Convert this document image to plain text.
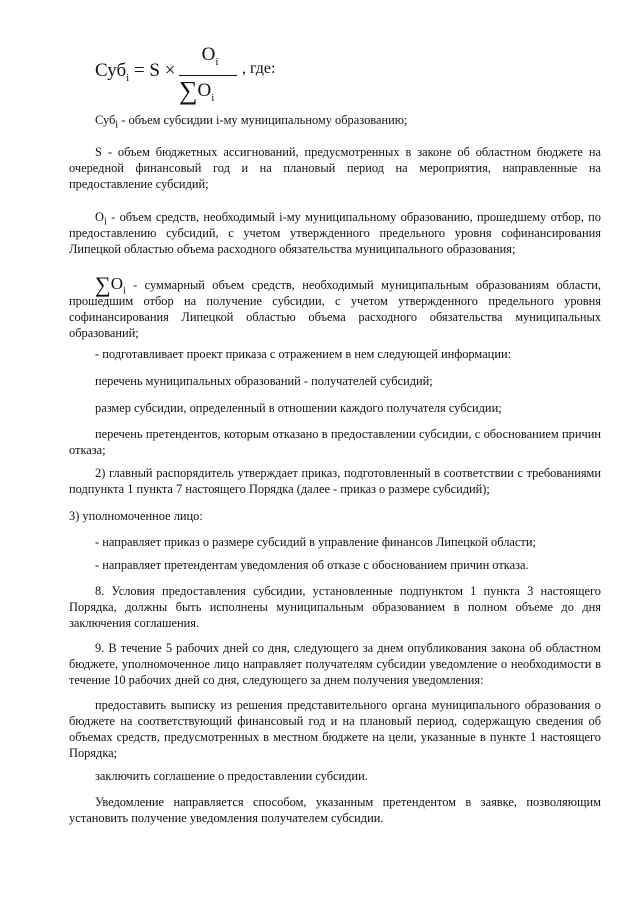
Суб$_i$ = S ×
$O_i$
$\sum O_i$
, где:

Суб$_i$ - объем субсидии i-му муниципальному образованию;

S - объем бюджетных ассигнований, предусмотренных в законе об областном бюджете на очередной финансовый год и на плановый период на мероприятия, направленные на предоставление субсидий;

$O_i$ - объем средств, необходимый i-му муниципальному образованию, прошедшему отбор, по предоставлению субсидий, с учетом утвержденного предельного уровня софинансирования Липецкой областью объема расходного обязательства муниципального образования;

$\sum O_i$ - суммарный объем средств, необходимый муниципальным образованиям области, прошедшим отбор на получение субсидии, с учетом утвержденного предельного уровня софинансирования Липецкой областью объема расходного обязательства муниципальных образований;

- подготавливает проект приказа с отражением в нем следующей информации:

перечень муниципальных образований - получателей субсидий;

размер субсидии, определенный в отношении каждого получателя субсидии;

перечень претендентов, которым отказано в предоставлении субсидии, с обоснованием причин отказа;

2) главный распорядитель утверждает приказ, подготовленный в соответствии с требованиями подпункта 1 пункта 7 настоящего Порядка (далее - приказ о размере субсидий);

3) уполномоченное лицо:

- направляет приказ о размере субсидий в управление финансов Липецкой области;

- направляет претендентам уведомления об отказе с обоснованием причин отказа.

8. Условия предоставления субсидии, установленные подпунктом 1 пункта 3 настоящего Порядка, должны быть исполнены муниципальным образованием в полном объеме до дня заключения соглашения.

9. В течение 5 рабочих дней со дня, следующего за днем опубликования закона об областном бюджете, уполномоченное лицо направляет получателям субсидии уведомление о необходимости в течение 10 рабочих дней со дня, следующего за днем получения уведомления:

предоставить выписку из решения представительного органа муниципального образования о бюджете на соответствующий финансовый год и на плановый период, содержащую сведения об объемах средств, предусмотренных в местном бюджете на цели, указанные в пункте 1 настоящего Порядка;

заключить соглашение о предоставлении субсидии.

Уведомление направляется способом, указанным претендентом в заявке, позволяющим установить получение уведомления получателем субсидии.
